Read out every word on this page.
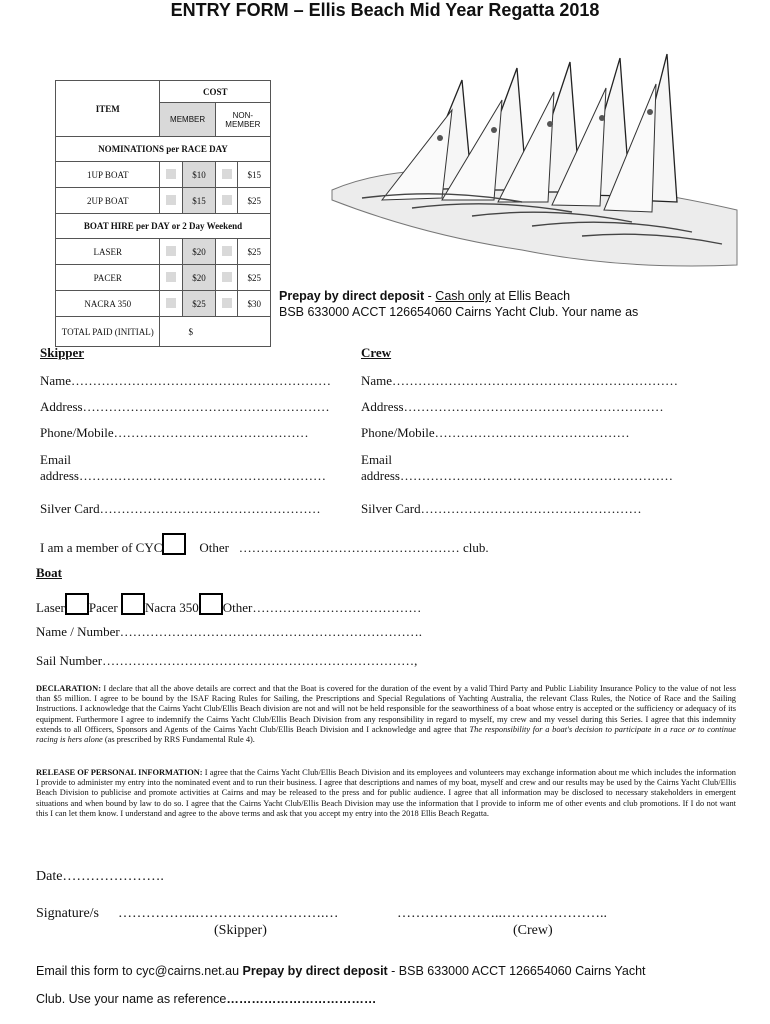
ENTRY FORM – Ellis Beach Mid Year Regatta 2018
ITEM	COST			
	MEMBER		NON-MEMBER	
NOMINATIONS per RACE DAY				
1UP BOAT		$10		$15
2UP BOAT		$15		$25
BOAT HIRE per DAY or 2 Day Weekend				
LASER		$20		$25
PACER		$20		$25
NACRA 350		$25		$30
TOTAL PAID (INITIAL)	$			
Prepay by direct deposit - Cash only at Ellis Beach
BSB 633000 ACCT 126654060 Cairns Yacht Club. Your name as
Skipper
Name……………………………………………………
Address…………………………………………………
Phone/Mobile………………………………………
Email
address…………………………………………………
Silver Card……………………………………………
Crew
Name…………………………………………………………
Address……………………………………………………
Phone/Mobile………………………………………
Email
address………………………………………………………
Silver Card……………………………………………
I am a member of CYC	Other …………………………………………… club.
Boat
Laser Pacer Nacra 350 Other…………………………………
Name / Number…………………………………………………………….
Sail Number………………………………………………………………,
DECLARATION: I declare that all the above details are correct and that the Boat is covered for the duration of the event by a valid Third Party and Public Liability Insurance Policy to the value of not less than $5 million. I agree to be bound by the ISAF Racing Rules for Sailing, the Prescriptions and Special Regulations of Yachting Australia, the relevant Class Rules, the Notice of Race and the Sailing Instructions. I acknowledge that the Cairns Yacht Club/Ellis Beach division are not and will not be held responsible for the seaworthiness of a boat whose entry is accepted or the sufficiency or adequacy of its equipment. Furthermore I agree to indemnify the Cairns Yacht Club/Ellis Beach Division from any responsibility in regard to myself, my crew and my vessel during this Series. I agree that this indemnity extends to all Officers, Sponsors and Agents of the Cairns Yacht Club/Ellis Beach Division and I acknowledge and agree that The responsibility for a boat's decision to participate in a race or to continue racing is hers alone (as prescribed by RRS Fundamental Rule 4).
RELEASE OF PERSONAL INFORMATION: I agree that the Cairns Yacht Club/Ellis Beach Division and its employees and volunteers may exchange information about me which includes the information I provide to administer my entry into the nominated event and to run their business. I agree that descriptions and names of my boat, myself and crew and our results may be used by the Cairns Yacht Club/Ellis Beach Division to publicise and promote activities at Cairns and may be released to the press and for public audience. I agree that all information may be disclosed to necessary stakeholders in emergent situations and when bound by law to do so. I agree that the Cairns Yacht Club/Ellis Beach Division may use the information that I provide to inform me of other events and club promotions. If I do not want this I can let them know. I understand and agree to the above terms and ask that you accept my entry into the 2018 Ellis Beach Regatta.
Date………………….
Signature/s ……………..……………………….…	…………………..…………………..
(Skipper)	(Crew)
Email this form to cyc@cairns.net.au Prepay by direct deposit - BSB 633000 ACCT 126654060 Cairns Yacht
Club. Use your name as reference………………………………
